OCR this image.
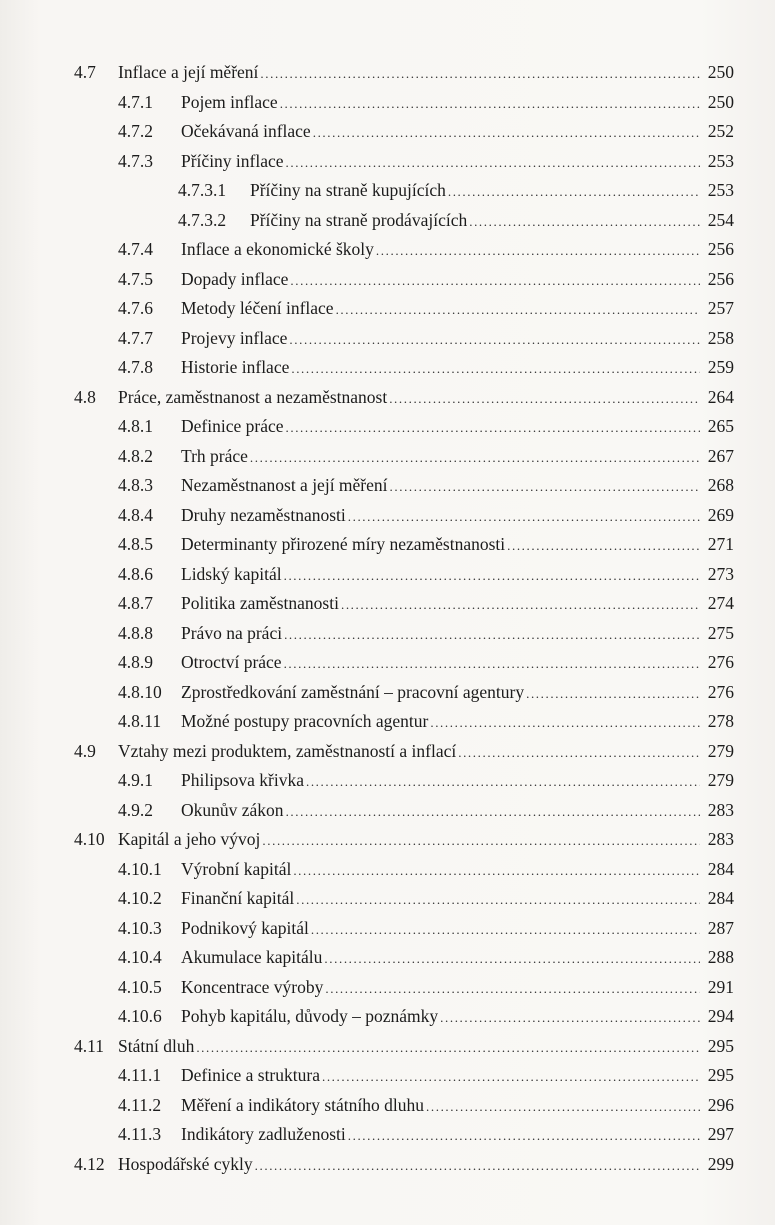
4.7	Inflace a její měření .....	250
4.7.1	Pojem inflace .....	250
4.7.2	Očekávaná inflace .....	252
4.7.3	Příčiny inflace .....	253
4.7.3.1	Příčiny na straně kupujících .....	253
4.7.3.2	Příčiny na straně prodávajících .....	254
4.7.4	Inflace a ekonomické školy .....	256
4.7.5	Dopady inflace .....	256
4.7.6	Metody léčení inflace .....	257
4.7.7	Projevy inflace .....	258
4.7.8	Historie inflace .....	259
4.8	Práce, zaměstnanost a nezaměstnanost .....	264
4.8.1	Definice práce .....	265
4.8.2	Trh práce .....	267
4.8.3	Nezaměstnanost a její měření .....	268
4.8.4	Druhy nezaměstnanosti .....	269
4.8.5	Determinanty přirozené míry nezaměstnanosti .....	271
4.8.6	Lidský kapitál .....	273
4.8.7	Politika zaměstnanosti .....	274
4.8.8	Právo na práci .....	275
4.8.9	Otroctví práce .....	276
4.8.10	Zprostředkování zaměstnání – pracovní agentury .....	276
4.8.11	Možné postupy pracovních agentur .....	278
4.9	Vztahy mezi produktem, zaměstnaností a inflací .....	279
4.9.1	Philipsova křivka .....	279
4.9.2	Okunův zákon .....	283
4.10 Kapitál a jeho vývoj .....	283
4.10.1	Výrobní kapitál .....	284
4.10.2	Finanční kapitál .....	284
4.10.3	Podnikový kapitál .....	287
4.10.4	Akumulace kapitálu .....	288
4.10.5	Koncentrace výroby .....	291
4.10.6	Pohyb kapitálu, důvody – poznámky .....	294
4.11 Státní dluh .....	295
4.11.1	Definice a struktura .....	295
4.11.2	Měření a indikátory státního dluhu .....	296
4.11.3	Indikátory zadluženosti .....	297
4.12 Hospodářské cykly .....	299
